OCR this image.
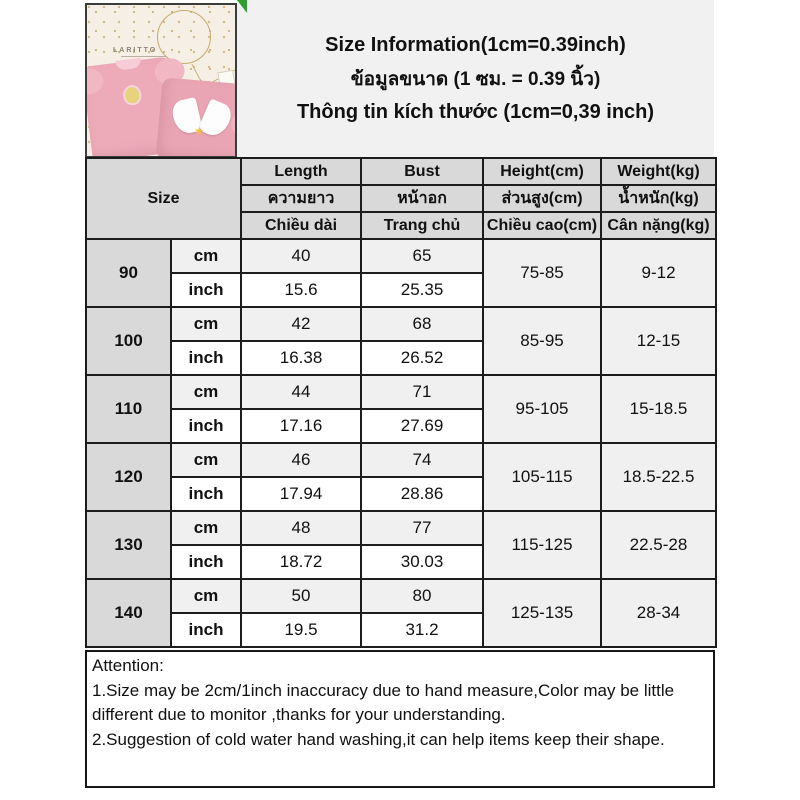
LARITTO
★
Size Information(1cm=0.39inch)
ข้อมูลขนาด (1 ซม. = 0.39 นิ้ว)
Thông tin kích thước (1cm=0,39 inch)
Size		Length	Bust	Height(cm)	Weight(kg)
		ความยาว	หน้าอก	ส่วนสูง(cm)	น้ำหนัก(kg)
		Chiều dài	Trang chủ	Chiều cao(cm)	Cân nặng(kg)
90	cm	40	65	75-85	9-12
	inch	15.6	25.35		
100	cm	42	68	85-95	12-15
	inch	16.38	26.52		
110	cm	44	71	95-105	15-18.5
	inch	17.16	27.69		
120	cm	46	74	105-115	18.5-22.5
	inch	17.94	28.86		
130	cm	48	77	115-125	22.5-28
	inch	18.72	30.03		
140	cm	50	80	125-135	28-34
	inch	19.5	31.2		
Attention:
1.Size may be 2cm/1inch inaccuracy due to hand measure,Color may be little different due to monitor ,thanks for your understanding.
2.Suggestion of cold water hand washing,it can help items keep their shape.
